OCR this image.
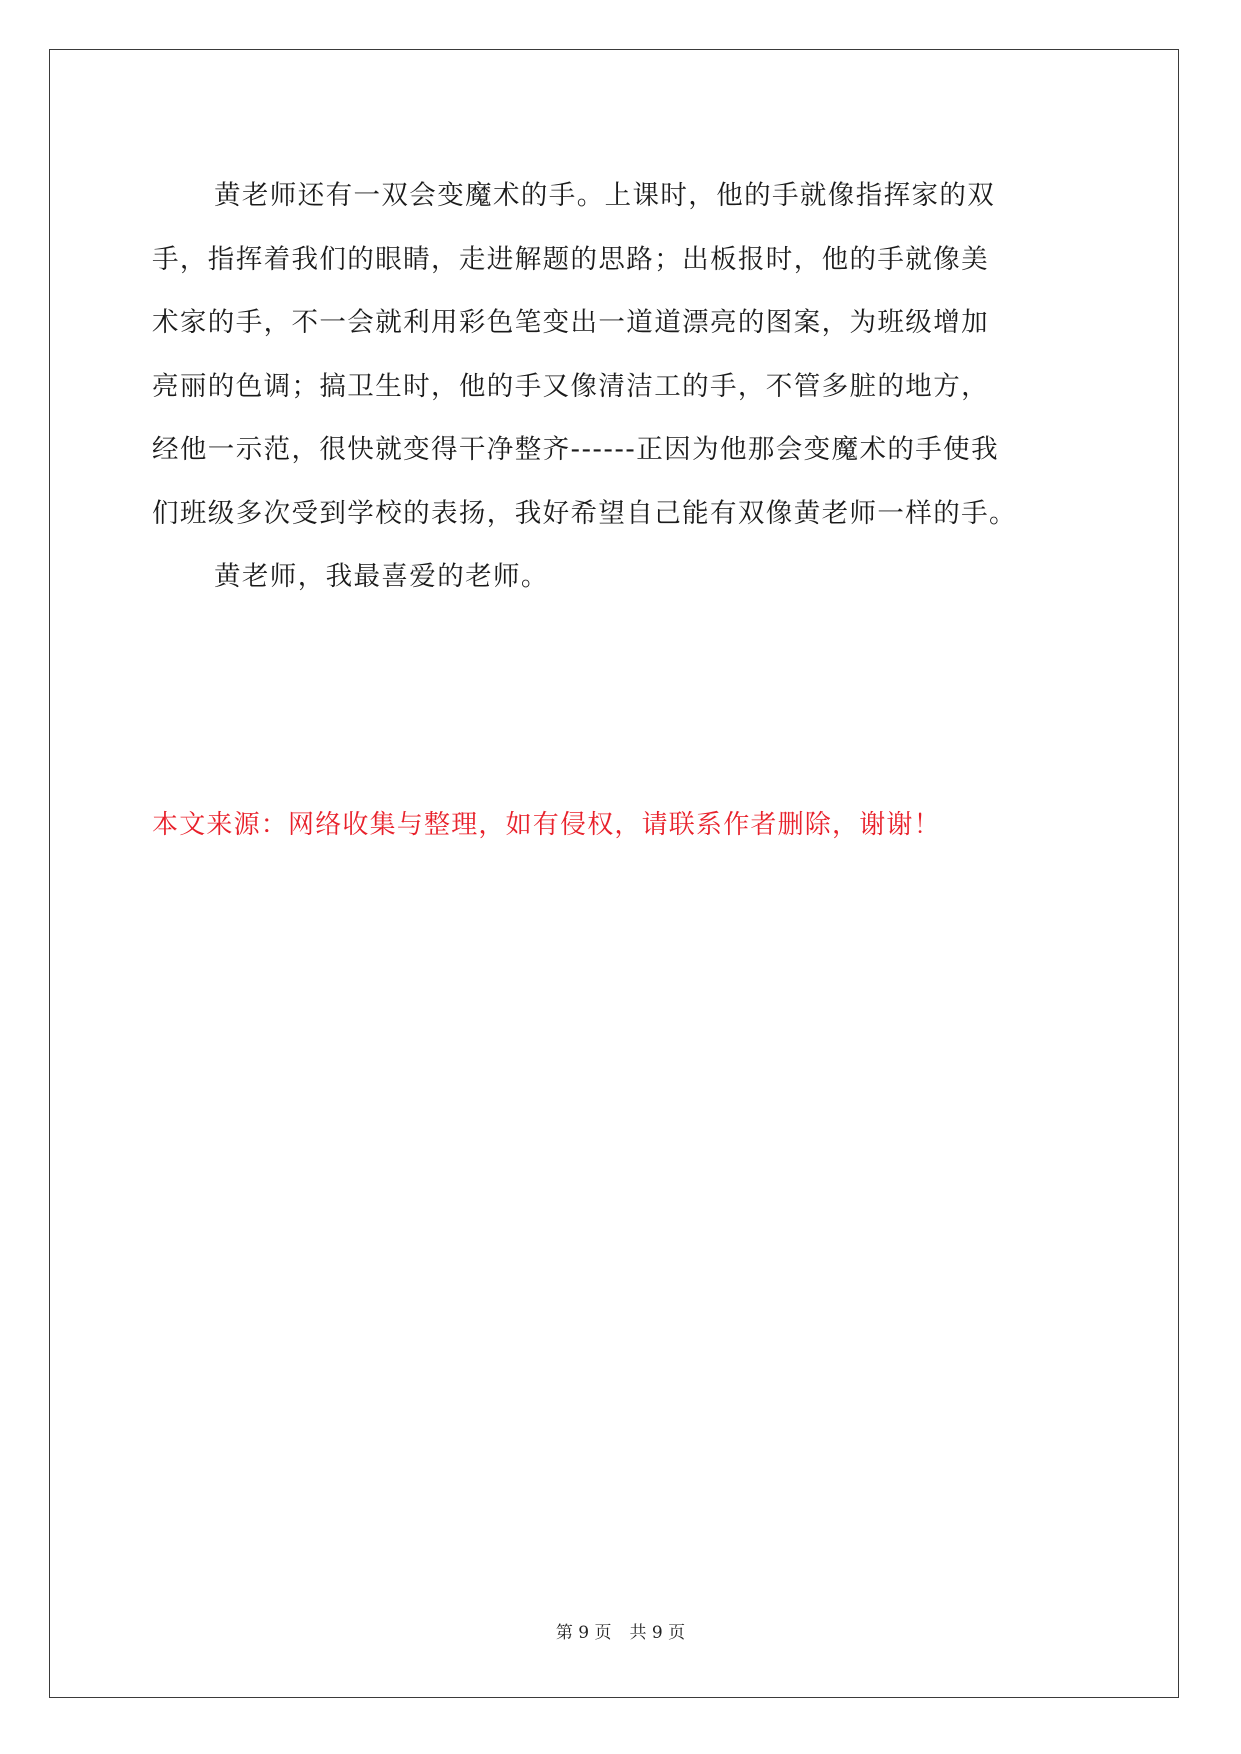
黄老师还有一双会变魔术的手。上课时，他的手就像指挥家的双
手，指挥着我们的眼睛，走进解题的思路；出板报时，他的手就像美
术家的手，不一会就利用彩色笔变出一道道漂亮的图案，为班级增加
亮丽的色调；搞卫生时，他的手又像清洁工的手，不管多脏的地方，
经他一示范，很快就变得干净整齐------正因为他那会变魔术的手使我
们班级多次受到学校的表扬，我好希望自己能有双像黄老师一样的手。
黄老师，我最喜爱的老师。
本文来源：网络收集与整理，如有侵权，请联系作者删除，谢谢！
第 9 页 共 9 页
